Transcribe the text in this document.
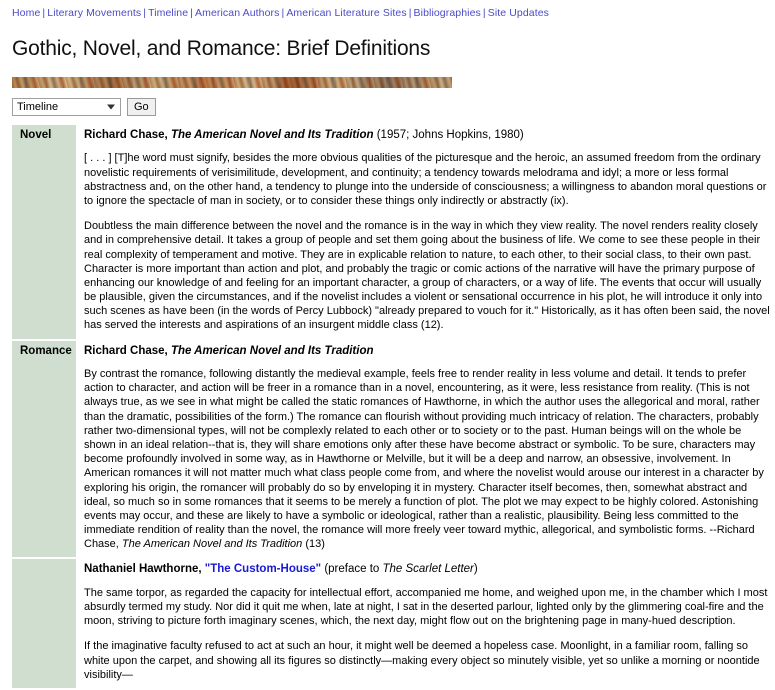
Home | Literary Movements | Timeline | American Authors | American Literature Sites | Bibliographies | Site Updates
Gothic, Novel, and Romance: Brief Definitions
Timeline	Go
Novel	Richard Chase, The American Novel and Its Tradition (1957; Johns Hopkins, 1980)

[ . . . ] [T]he word must signify, besides the more obvious qualities of the picturesque and the heroic, an assumed freedom from the ordinary novelistic requirements of verisimilitude, development, and continuity; a tendency towards melodrama and idyl; a more or less formal abstractness and, on the other hand, a tendency to plunge into the underside of consciousness; a willingness to abandon moral questions or to ignore the spectacle of man in society, or to consider these things only indirectly or abstractly (ix).

Doubtless the main difference between the novel and the romance is in the way in which they view reality. The novel renders reality closely and in comprehensive detail. It takes a group of people and set them going about the business of life. We come to see these people in their real complexity of temperament and motive. They are in explicable relation to nature, to each other, to their social class, to their own past. Character is more important than action and plot, and probably the tragic or comic actions of the narrative will have the primary purpose of enhancing our knowledge of and feeling for an important character, a group of characters, or a way of life. The events that occur will usually be plausible, given the circumstances, and if the novelist includes a violent or sensational occurrence in his plot, he will introduce it only into such scenes as have been (in the words of Percy Lubbock) "already prepared to vouch for it." Historically, as it has often been said, the novel has served the interests and aspirations of an insurgent middle class (12).

Romance	Richard Chase, The American Novel and Its Tradition

By contrast the romance, following distantly the medieval example, feels free to render reality in less volume and detail. It tends to prefer action to character, and action will be freer in a romance than in a novel, encountering, as it were, less resistance from reality. (This is not always true, as we see in what might be called the static romances of Hawthorne, in which the author uses the allegorical and moral, rather than the dramatic, possibilities of the form.) The romance can flourish without providing much intricacy of relation. The characters, probably rather two-dimensional types, will not be complexly related to each other or to society or to the past. Human beings will on the whole be shown in an ideal relation--that is, they will share emotions only after these have become abstract or symbolic. To be sure, characters may become profoundly involved in some way, as in Hawthorne or Melville, but it will be a deep and narrow, an obsessive, involvement. In American romances it will not matter much what class people come from, and where the novelist would arouse our interest in a character by exploring his origin, the romancer will probably do so by enveloping it in mystery. Character itself becomes, then, somewhat abstract and ideal, so much so in some romances that it seems to be merely a function of plot. The plot we may expect to be highly colored. Astonishing events may occur, and these are likely to have a symbolic or ideological, rather than a realistic, plausibility. Being less committed to the immediate rendition of reality than the novel, the romance will more freely veer toward mythic, allegorical, and symbolistic forms. --Richard Chase, The American Novel and Its Tradition (13)

	Nathaniel Hawthorne, "The Custom-House" (preface to The Scarlet Letter)

The same torpor, as regarded the capacity for intellectual effort, accompanied me home, and weighed upon me, in the chamber which I most absurdly termed my study. Nor did it quit me when, late at night, I sat in the deserted parlour, lighted only by the glimmering coal-fire and the moon, striving to picture forth imaginary scenes, which, the next day, might flow out on the brightening page in many-hued description.

If the imaginative faculty refused to act at such an hour, it might well be deemed a hopeless case. Moonlight, in a familiar room, falling so white upon the carpet, and showing all its figures so distinctly—making every object so minutely visible, yet so unlike a morning or noontide visibility—
